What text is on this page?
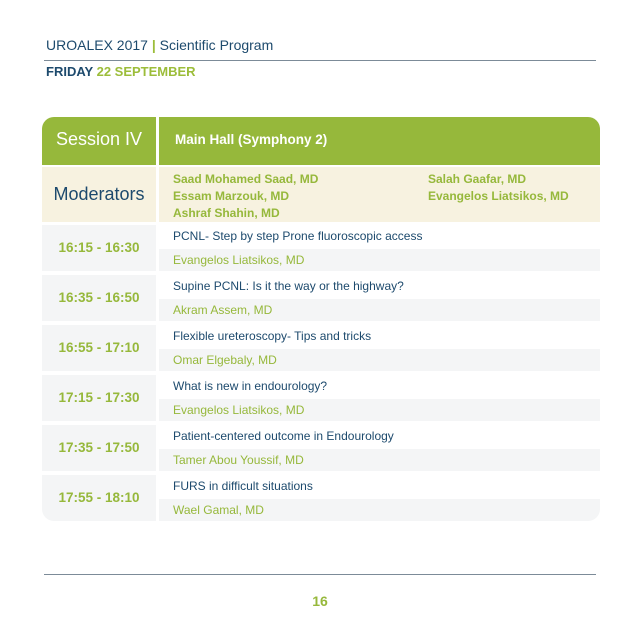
UROALEX 2017 | Scientific Program
FRIDAY 22 SEPTEMBER
Session IV	Main Hall (Symphony 2)
Moderators
Saad Mohamed Saad, MD
Essam Marzouk, MD
Ashraf Shahin, MD
Salah Gaafar, MD
Evangelos Liatsikos, MD
16:15 - 16:30
PCNL- Step by step Prone fluoroscopic access
Evangelos Liatsikos, MD
16:35 - 16:50
Supine PCNL: Is it the way or the highway?
Akram Assem, MD
16:55 - 17:10
Flexible ureteroscopy- Tips and tricks
Omar Elgebaly, MD
17:15 - 17:30
What is new in endourology?
Evangelos Liatsikos, MD
17:35 - 17:50
Patient-centered outcome in Endourology
Tamer Abou Youssif, MD
17:55 - 18:10
FURS in difficult situations
Wael Gamal, MD
16
